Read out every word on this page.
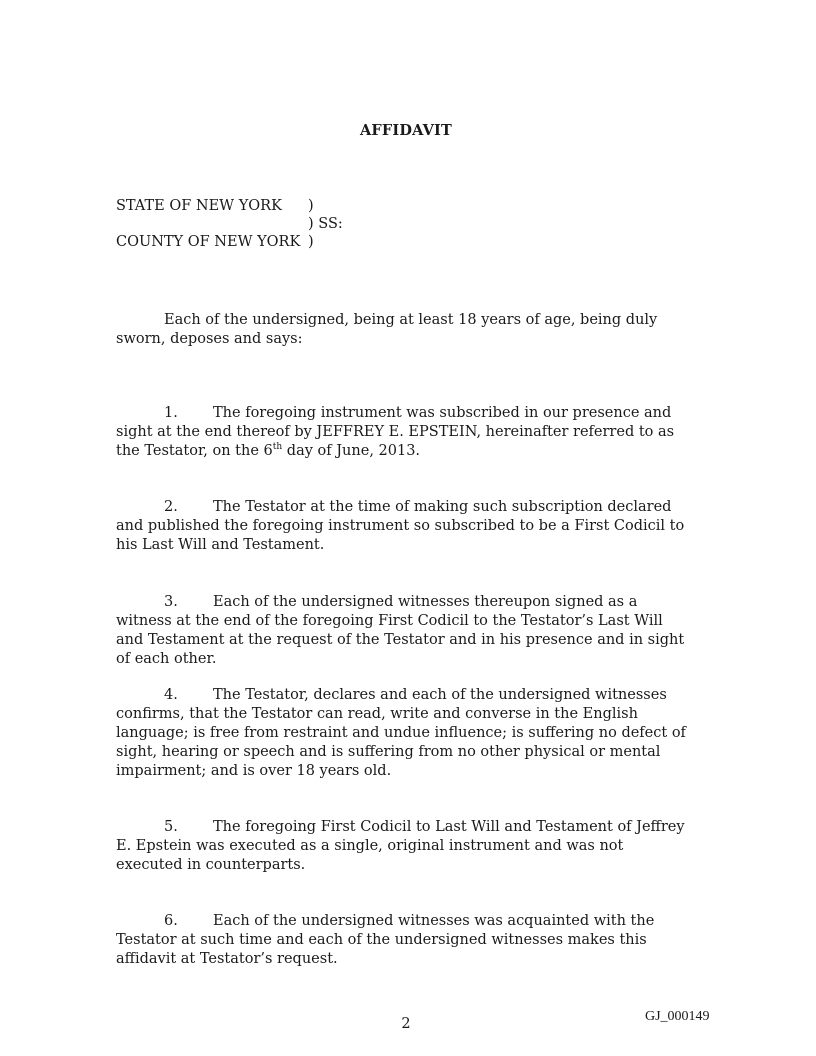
AFFIDAVIT
STATE OF NEW YORK )
) SS:
COUNTY OF NEW YORK )

Each of the undersigned, being at least 18 years of age, being duly sworn, deposes and says:

1. The foregoing instrument was subscribed in our presence and sight at the end thereof by JEFFREY E. EPSTEIN, hereinafter referred to as the Testator, on the 6th day of June, 2013.

2. The Testator at the time of making such subscription declared and published the foregoing instrument so subscribed to be a First Codicil to his Last Will and Testament.

3. Each of the undersigned witnesses thereupon signed as a witness at the end of the foregoing First Codicil to the Testator’s Last Will and Testament at the request of the Testator and in his presence and in sight of each other.

4. The Testator, declares and each of the undersigned witnesses confirms, that the Testator can read, write and converse in the English language; is free from restraint and undue influence; is suffering no defect of sight, hearing or speech and is suffering from no other physical or mental impairment; and is over 18 years old.

5. The foregoing First Codicil to Last Will and Testament of Jeffrey E. Epstein was executed as a single, original instrument and was not executed in counterparts.

6. Each of the undersigned witnesses was acquainted with the Testator at such time and each of the undersigned witnesses makes this affidavit at Testator’s request.

2	GJ_000149
